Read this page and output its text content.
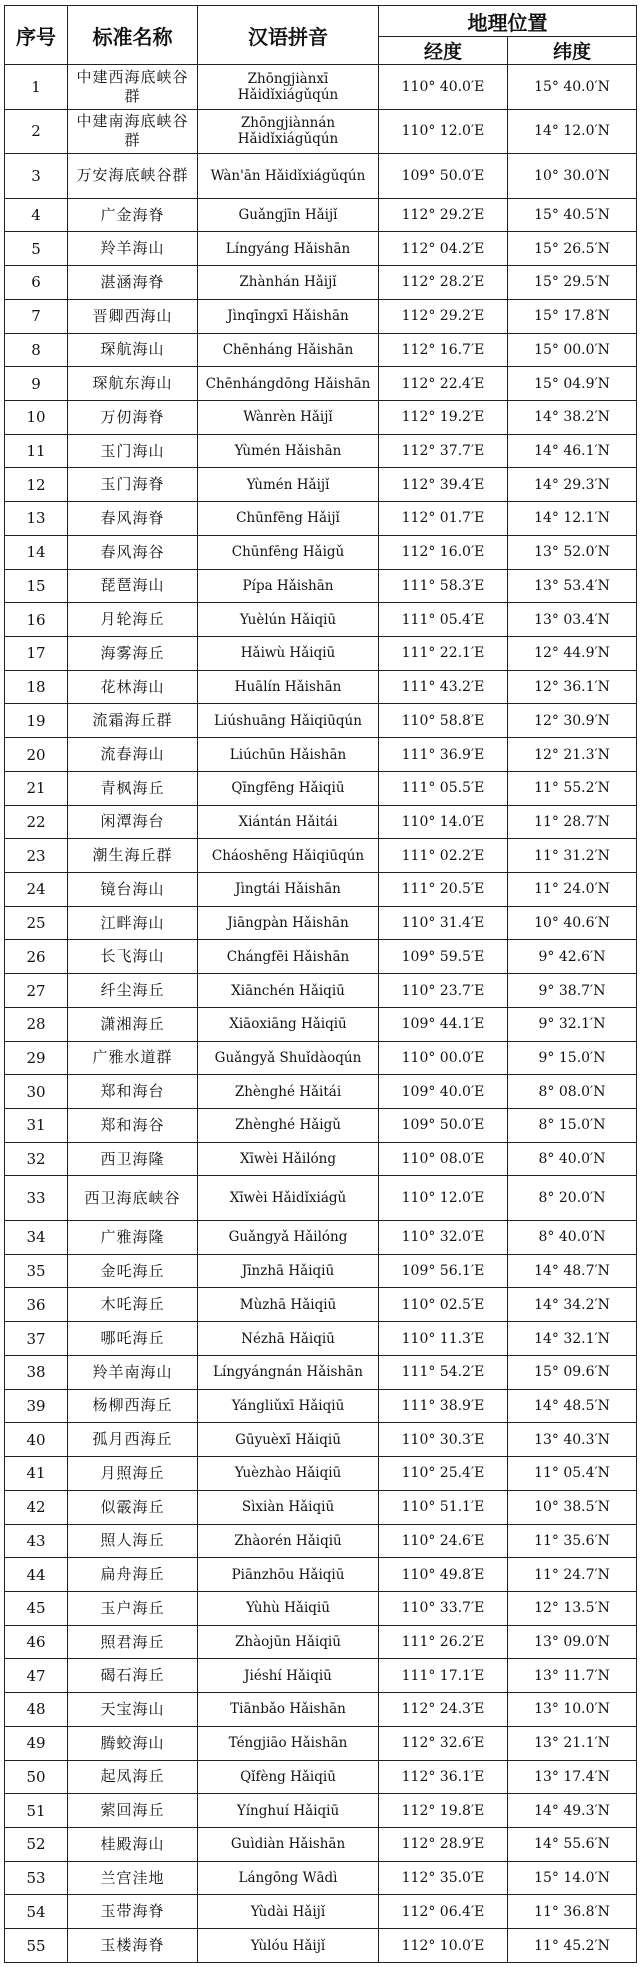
序号	标准名称	汉语拼音	地理位置	
			经度	纬度
1	中建西海底峡谷群	Zhōngjiànxī Hǎidǐxiágǔqún	110° 40.0′E	15° 40.0′N
2	中建南海底峡谷群	Zhōngjiànnán Hǎidǐxiágǔqún	110° 12.0′E	14° 12.0′N
3	万安海底峡谷群	Wàn'ān Hǎidǐxiágǔqún	109° 50.0′E	10° 30.0′N
4	广金海脊	Guǎngjīn Hǎijǐ	112° 29.2′E	15° 40.5′N
5	羚羊海山	Língyáng Hǎishān	112° 04.2′E	15° 26.5′N
6	湛涵海脊	Zhànhán Hǎijǐ	112° 28.2′E	15° 29.5′N
7	晋卿西海山	Jìnqīngxī Hǎishān	112° 29.2′E	15° 17.8′N
8	琛航海山	Chēnháng Hǎishān	112° 16.7′E	15° 00.0′N
9	琛航东海山	Chēnhángdōng Hǎishān	112° 22.4′E	15° 04.9′N
10	万仞海脊	Wànrèn Hǎijǐ	112° 19.2′E	14° 38.2′N
11	玉门海山	Yùmén Hǎishān	112° 37.7′E	14° 46.1′N
12	玉门海脊	Yùmén Hǎijǐ	112° 39.4′E	14° 29.3′N
13	春风海脊	Chūnfēng Hǎijǐ	112° 01.7′E	14° 12.1′N
14	春风海谷	Chūnfēng Hǎigǔ	112° 16.0′E	13° 52.0′N
15	琵琶海山	Pípa Hǎishān	111° 58.3′E	13° 53.4′N
16	月轮海丘	Yuèlún Hǎiqiū	111° 05.4′E	13° 03.4′N
17	海雾海丘	Hǎiwù Hǎiqiū	111° 22.1′E	12° 44.9′N
18	花林海山	Huālín Hǎishān	111° 43.2′E	12° 36.1′N
19	流霜海丘群	Liúshuāng Hǎiqiūqún	110° 58.8′E	12° 30.9′N
20	流春海山	Liúchūn Hǎishān	111° 36.9′E	12° 21.3′N
21	青枫海丘	Qīngfēng Hǎiqiū	111° 05.5′E	11° 55.2′N
22	闲潭海台	Xiántán Hǎitái	110° 14.0′E	11° 28.7′N
23	潮生海丘群	Cháoshēng Hǎiqiūqún	111° 02.2′E	11° 31.2′N
24	镜台海山	Jìngtái Hǎishān	111° 20.5′E	11° 24.0′N
25	江畔海山	Jiāngpàn Hǎishān	110° 31.4′E	10° 40.6′N
26	长飞海山	Chángfēi Hǎishān	109° 59.5′E	9° 42.6′N
27	纤尘海丘	Xiānchén Hǎiqiū	110° 23.7′E	9° 38.7′N
28	潇湘海丘	Xiāoxiāng Hǎiqiū	109° 44.1′E	9° 32.1′N
29	广雅水道群	Guǎngyǎ Shuǐdàoqún	110° 00.0′E	9° 15.0′N
30	郑和海台	Zhènghé Hǎitái	109° 40.0′E	8° 08.0′N
31	郑和海谷	Zhènghé Hǎigǔ	109° 50.0′E	8° 15.0′N
32	西卫海隆	Xīwèi Hǎilóng	110° 08.0′E	8° 40.0′N
33	西卫海底峡谷	Xīwèi Hǎidǐxiágǔ	110° 12.0′E	8° 20.0′N
34	广雅海隆	Guǎngyǎ Hǎilóng	110° 32.0′E	8° 40.0′N
35	金吒海丘	Jīnzhā Hǎiqiū	109° 56.1′E	14° 48.7′N
36	木吒海丘	Mùzhā Hǎiqiū	110° 02.5′E	14° 34.2′N
37	哪吒海丘	Nézhā Hǎiqiū	110° 11.3′E	14° 32.1′N
38	羚羊南海山	Língyángnán Hǎishān	111° 54.2′E	15° 09.6′N
39	杨柳西海丘	Yángliǔxī Hǎiqiū	111° 38.9′E	14° 48.5′N
40	孤月西海丘	Gūyuèxī Hǎiqiū	110° 30.3′E	13° 40.3′N
41	月照海丘	Yuèzhào Hǎiqiū	110° 25.4′E	11° 05.4′N
42	似霰海丘	Sìxiàn Hǎiqiū	110° 51.1′E	10° 38.5′N
43	照人海丘	Zhàorén Hǎiqiū	110° 24.6′E	11° 35.6′N
44	扁舟海丘	Piānzhōu Hǎiqiū	110° 49.8′E	11° 24.7′N
45	玉户海丘	Yùhù Hǎiqiū	110° 33.7′E	12° 13.5′N
46	照君海丘	Zhàojūn Hǎiqiū	111° 26.2′E	13° 09.0′N
47	碣石海丘	Jiéshí Hǎiqiū	111° 17.1′E	13° 11.7′N
48	天宝海山	Tiānbǎo Hǎishān	112° 24.3′E	13° 10.0′N
49	腾蛟海山	Téngjiāo Hǎishān	112° 32.6′E	13° 21.1′N
50	起凤海丘	Qǐfèng Hǎiqiū	112° 36.1′E	13° 17.4′N
51	萦回海丘	Yínghuí Hǎiqiū	112° 19.8′E	14° 49.3′N
52	桂殿海山	Guìdiàn Hǎishān	112° 28.9′E	14° 55.6′N
53	兰宫洼地	Lángōng Wādì	112° 35.0′E	15° 14.0′N
54	玉带海脊	Yùdài Hǎijǐ	112° 06.4′E	11° 36.8′N
55	玉楼海脊	Yùlóu Hǎijǐ	112° 10.0′E	11° 45.2′N
